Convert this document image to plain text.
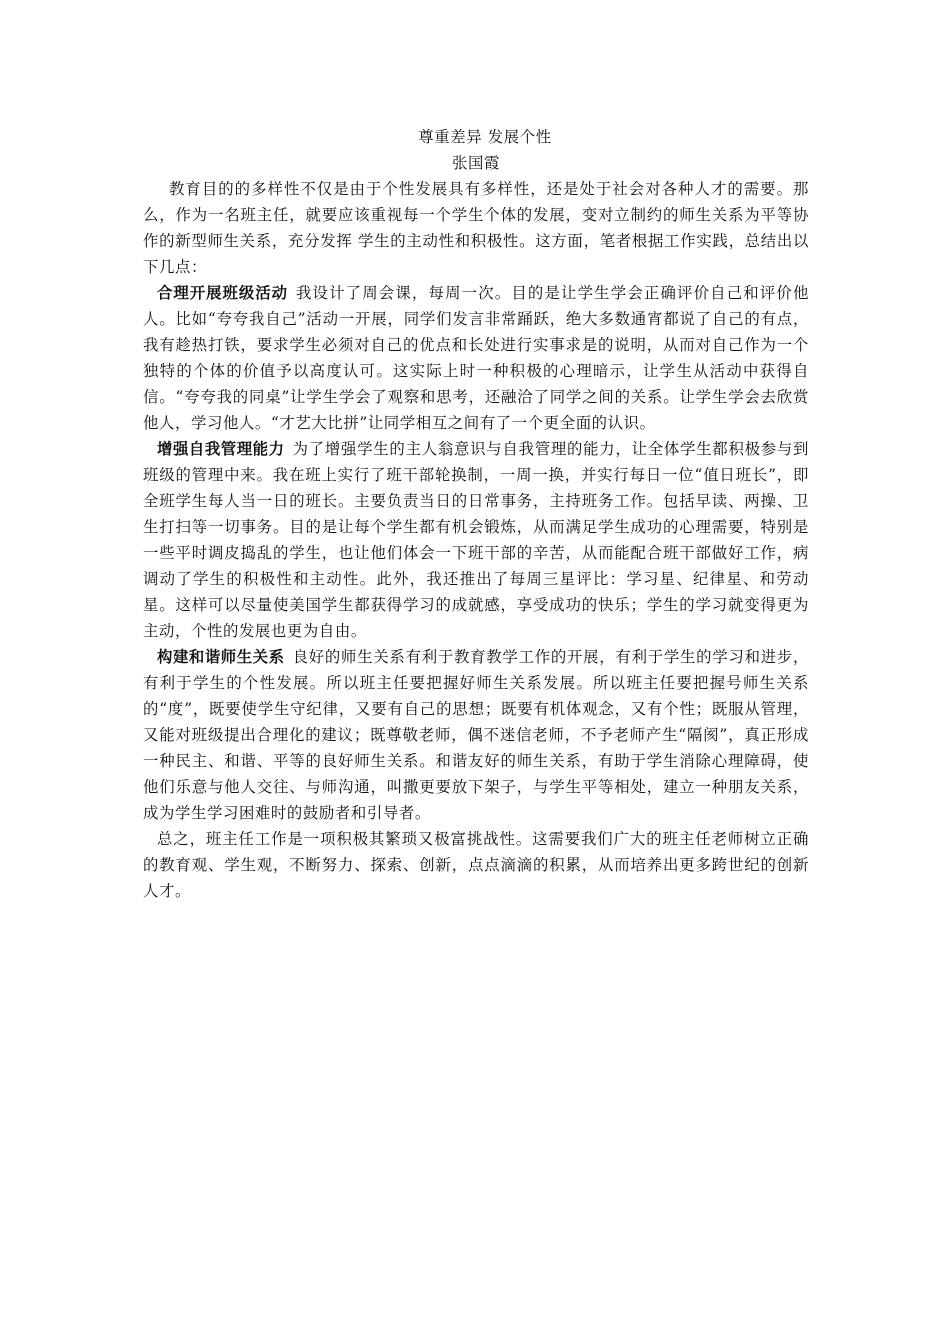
尊重差异 发展个性

张国霞

教育目的的多样性不仅是由于个性发展具有多样性，还是处于社会对各种人才的需要。那么，作为一名班主任，就要应该重视每一个学生个体的发展，变对立制约的师生关系为平等协作的新型师生关系，充分发挥 学生的主动性和积极性。这方面，笔者根据工作实践，总结出以下几点：

合理开展班级活动 我设计了周会课，每周一次。目的是让学生学会正确评价自己和评价他人。比如“夸夸我自己”活动一开展，同学们发言非常踊跃，绝大多数通宵都说了自己的有点，我有趁热打铁，要求学生必须对自己的优点和长处进行实事求是的说明，从而对自己作为一个独特的个体的价值予以高度认可。这实际上时一种积极的心理暗示，让学生从活动中获得自信。“夸夸我的同桌”让学生学会了观察和思考，还融洽了同学之间的关系。让学生学会去欣赏他人，学习他人。“才艺大比拼”让同学相互之间有了一个更全面的认识。

增强自我管理能力 为了增强学生的主人翁意识与自我管理的能力，让全体学生都积极参与到班级的管理中来。我在班上实行了班干部轮换制，一周一换，并实行每日一位“值日班长”，即全班学生每人当一日的班长。主要负责当日的日常事务，主持班务工作。包括早读、两操、卫生打扫等一切事务。目的是让每个学生都有机会锻炼，从而满足学生成功的心理需要，特别是一些平时调皮捣乱的学生，也让他们体会一下班干部的辛苦，从而能配合班干部做好工作，病调动了学生的积极性和主动性。此外，我还推出了每周三星评比：学习星、纪律星、和劳动星。这样可以尽量使美国学生都获得学习的成就感，享受成功的快乐；学生的学习就变得更为主动，个性的发展也更为自由。

构建和谐师生关系 良好的师生关系有利于教育教学工作的开展，有利于学生的学习和进步，有利于学生的个性发展。所以班主任要把握好师生关系发展。所以班主任要把握号师生关系的“度”，既要使学生守纪律，又要有自己的思想；既要有机体观念，又有个性；既服从管理，又能对班级提出合理化的建议；既尊敬老师，偶不迷信老师，不予老师产生“隔阂”，真正形成一种民主、和谐、平等的良好师生关系。和谐友好的师生关系，有助于学生消除心理障碍，使他们乐意与他人交往、与师沟通，叫撒更要放下架子，与学生平等相处，建立一种朋友关系， 成为学生学习困难时的鼓励者和引导者。

总之，班主任工作是一项积极其繁琐又极富挑战性。这需要我们广大的班主任老师树立正确的教育观、学生观，不断努力、探索、创新，点点滴滴的积累，从而培养出更多跨世纪的创新人才。
